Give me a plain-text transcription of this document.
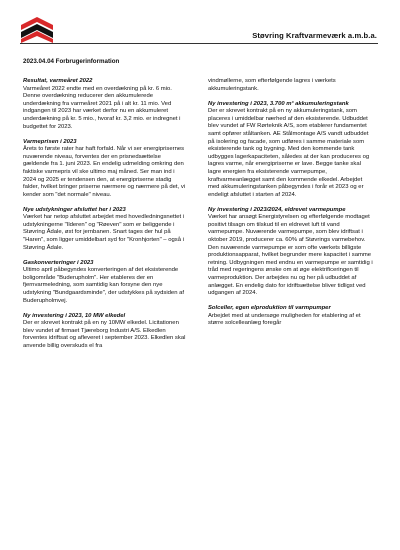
Støvring Kraftvarmeværk a.m.b.a.
2023.04.04 Forbrugerinformation

Resultat, varmeåret 2022

Varmeåret 2022 endte med en overdækning på kr. 6 mio. Denne overdækning reducerer den akkumulerede underdækning fra varmeåret 2021 på i alt kr. 11 mio. Ved indgangen til 2023 har værket derfor nu en akkumuleret underdækning på kr. 5 mio., hvoraf kr. 3,2 mio. er indregnet i budgettet for 2023.

Varmeprisen i 2023

Årets to første rater har haft forfald. Når vi ser energiprisernes nuværende niveau, forventes der en prisnedsættelse gældende fra 1. juni 2023. En endelig udmelding omkring den faktiske varmepris vil ske ultimo maj måned. Ser man ind i 2024 og 2025 er tendensen den, at energipriserne stadig falder, hvilket bringer priserne nærmere og nærmere på det, vi kender som "det normale" niveau.

Nye udstykninger afsluttet her i 2023

Værket har netop afsluttet arbejdet med hovedledningsnettet i udstykningerne "Ilderen" og "Røeven" som er beliggende i Støvring Ådale, øst for jernbanen. Snart tages der hul på "Haren", som ligger umiddelbart syd for "Kronhjorten" – også i Støvring Ådale.

Gaskonverteringer i 2023

Ultimo april påbegyndes konverteringen af det eksisterende boligområde "Buderupholm". Her etableres der en fjernvarmeledning, som samtidig kan forsyne den nye udstykning "Bundgaardsminde", der udstykkes på sydsiden af Buderupholmvej.

Ny investering i 2023, 10 MW elkedel

Der er skrevet kontrakt på en ny 10MW elkedel. Licitationen blev vundet af firmaet Tjæreborg Industri A/S. Elkedlen forventes idriftsat og afleveret i september 2023. Elkedlen skal anvende billig overskuds el fra

vindmøllerne, som efterfølgende lagres i værkets akkumuleringstank.

Ny investering i 2023, 3.700 m³ akkumuleringstank

Der er skrevet kontrakt på en ny akkumuleringstank, som placeres i umiddelbar nærhed af den eksisterende. Udbuddet blev vundet af FW Rørteknik A/S, som etablerer fundamentet samt opfører ståltanken. AE Stålmontage A/S vandt udbuddet på isolering og facade, som udføres i samme materiale som eksisterende tank og bygning. Med den kommende tank udbygges lagerkapaciteten, således at der kan produceres og lagres varme, når energipriserne er lave. Begge tanke skal lagre energien fra eksisterende varmepumpe, kraftvarmeanlægget samt den kommende elkedel. Arbejdet med akkumuleringstanken påbegyndes i forår et 2023 og er endeligt afsluttet i starten af 2024.

Ny investering i 2023/2024, eldrevet varmepumpe

Værket har ansøgt Energistyrelsen og efterfølgende modtaget positivt tilsagn om tilskud til en eldrevet luft til vand varmepumpe. Nuværende varmepumpe, som blev idriftsat i oktober 2019, producerer ca. 60% af Støvrings varmebehov. Den nuværende varmepumpe er som ofte værkets billigste produktionsapparat, hvilket begrunder mere kapacitet i samme retning. Udbygningen med endnu en varmepumpe er samtidig i tråd med regeringens ønske om at øge elektrificeringen til varmeproduktion. Der arbejdes nu og her på udbuddet af anlægget. En endelig dato for idriftsættelse bliver tidligst ved udgangen af 2024.

Solceller, egen elproduktion til varmpumper

Arbejdet med at undersøge muligheden for etablering af et større solcelleanlæg foregår
